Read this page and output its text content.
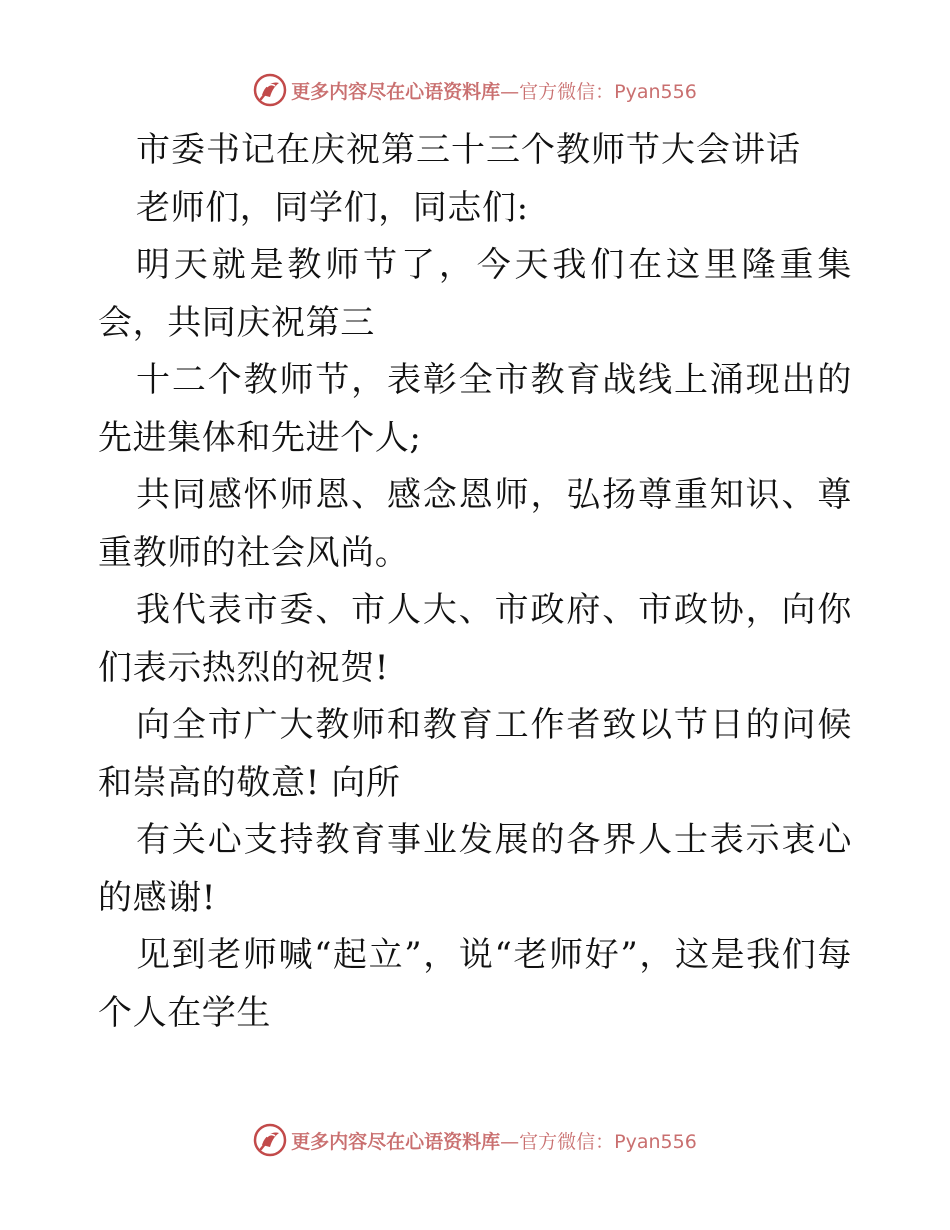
更多内容尽在心语资料库—官方微信：Pyan556

市委书记在庆祝第三十三个教师节大会讲话

老师们，同学们，同志们:

明天就是教师节了，今天我们在这里隆重集会，共同庆祝第三

十二个教师节，表彰全市教育战线上涌现出的先进集体和先进个人;

共同感怀师恩、感念恩师，弘扬尊重知识、尊重教师的社会风尚。

我代表市委、市人大、市政府、市政协，向你们表示热烈的祝贺!

向全市广大教师和教育工作者致以节日的问候和崇高的敬意! 向所

有关心支持教育事业发展的各界人士表示衷心的感谢!

见到老师喊“起立”，说“老师好”，这是我们每个人在学生

更多内容尽在心语资料库—官方微信：Pyan556
